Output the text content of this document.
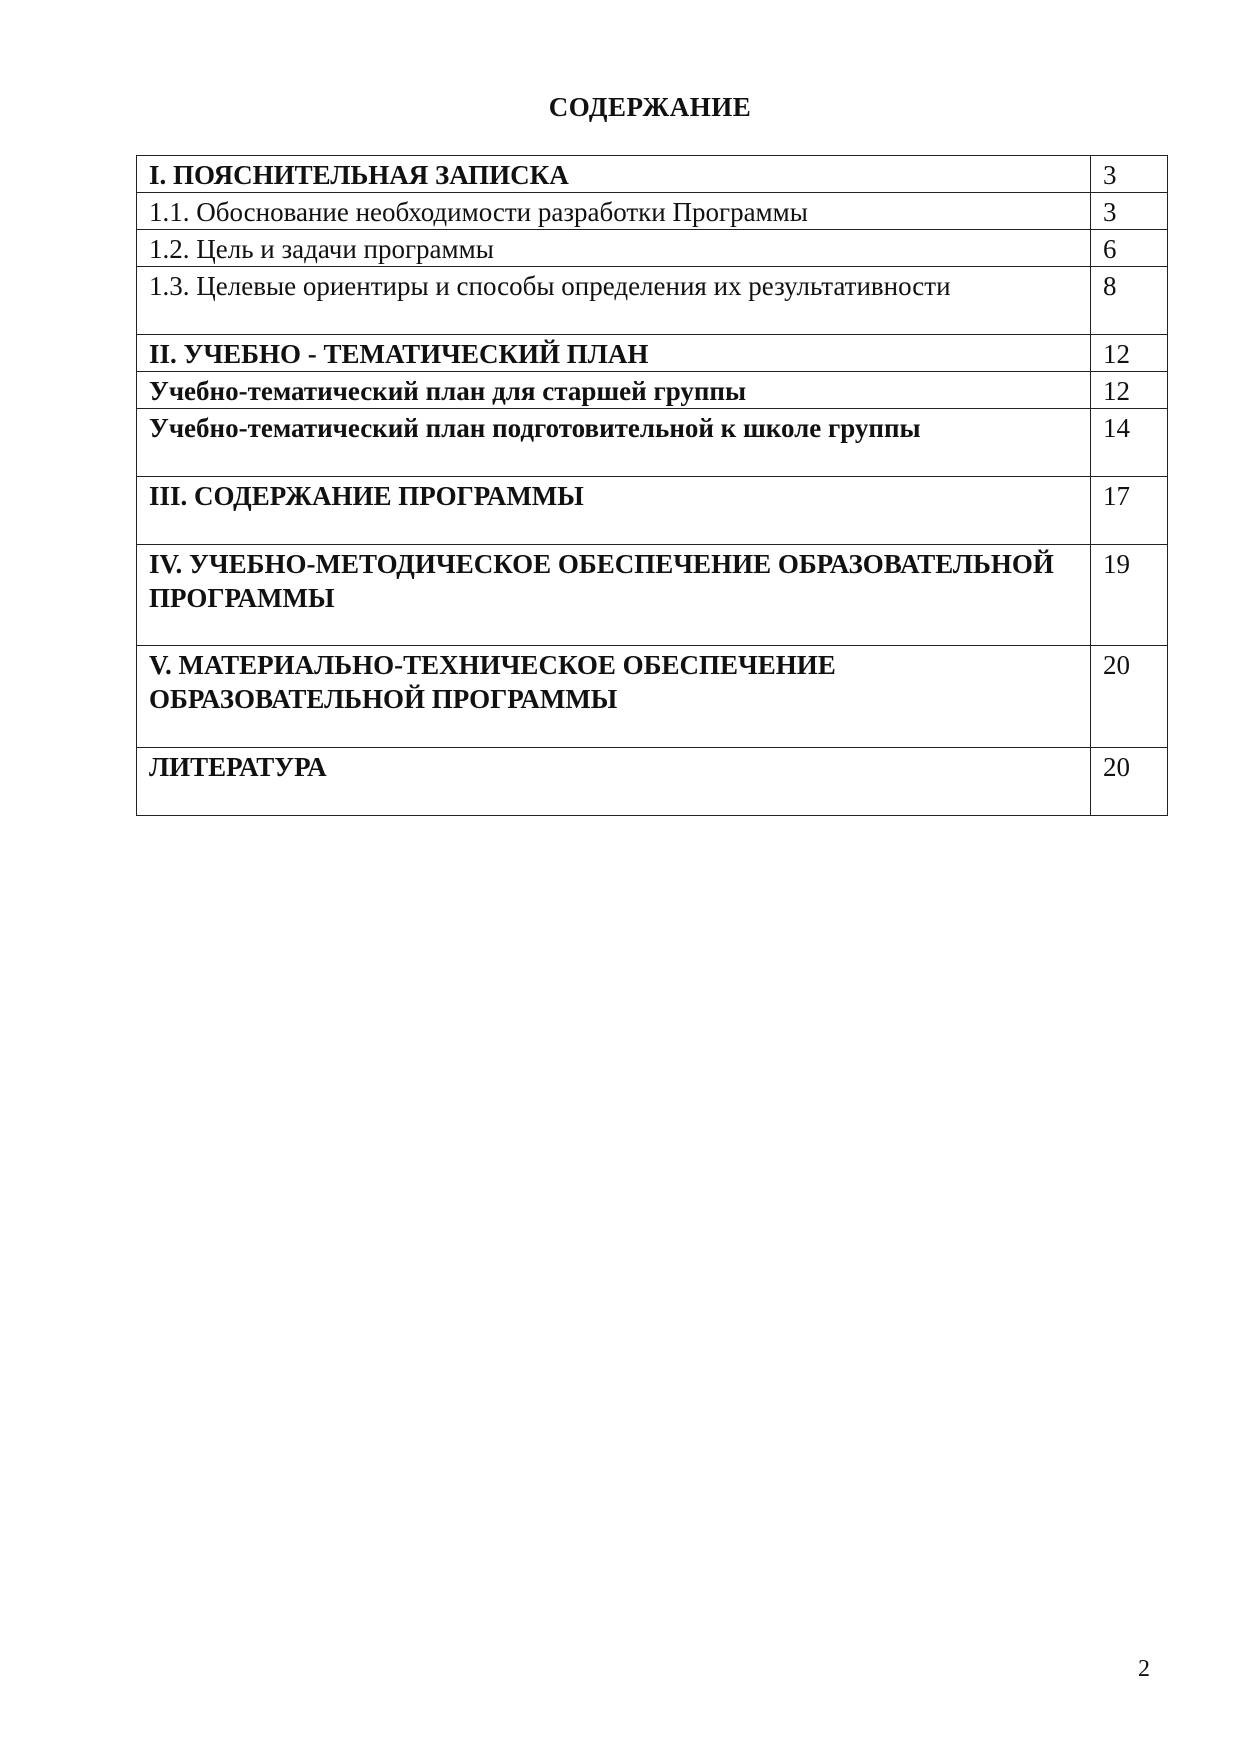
СОДЕРЖАНИЕ
I. ПОЯСНИТЕЛЬНАЯ ЗАПИСКА	3
1.1. Обоснование необходимости разработки Программы	3
1.2. Цель и задачи программы	6
1.3. Целевые ориентиры и способы определения их результативности	8
II. УЧЕБНО - ТЕМАТИЧЕСКИЙ ПЛАН	12
Учебно-тематический план для старшей группы	12
Учебно-тематический план подготовительной к школе группы	14
III. СОДЕРЖАНИЕ ПРОГРАММЫ	17
IV. УЧЕБНО-МЕТОДИЧЕСКОЕ ОБЕСПЕЧЕНИЕ ОБРАЗОВАТЕЛЬНОЙ ПРОГРАММЫ	19
V. МАТЕРИАЛЬНО-ТЕХНИЧЕСКОЕ ОБЕСПЕЧЕНИЕ ОБРАЗОВАТЕЛЬНОЙ ПРОГРАММЫ	20
ЛИТЕРАТУРА	20
2
